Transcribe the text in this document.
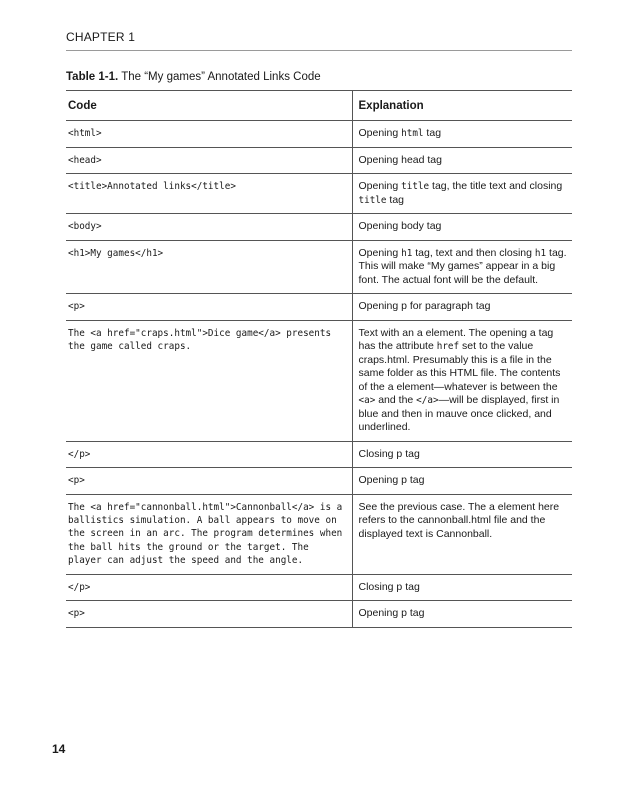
CHAPTER 1
Table 1-1. The “My games” Annotated Links Code
Code	Explanation
<html>	Opening html tag
<head>	Opening head tag
<title>Annotated links</title>	Opening title tag, the title text and closing title tag
<body>	Opening body tag
<h1>My games</h1>	Opening h1 tag, text and then closing h1 tag. This will make “My games” appear in a big font. The actual font will be the default.
<p>	Opening p for paragraph tag
The <a href="craps.html">Dice game</a> presents the game called craps.	Text with an a element. The opening a tag has the attribute href set to the value craps.html. Presumably this is a file in the same folder as this HTML file. The contents of the a element—whatever is between the <a> and the </a>—will be displayed, first in blue and then in mauve once clicked, and underlined.
</p>	Closing p tag
<p>	Opening p tag
The <a href="cannonball.html">Cannonball</a> is a ballistics simulation. A ball appears to move on the screen in an arc. The program determines when the ball hits the ground or the target. The player can adjust the speed and the angle.	See the previous case. The a element here refers to the cannonball.html file and the displayed text is Cannonball.
</p>	Closing p tag
<p>	Opening p tag
14
